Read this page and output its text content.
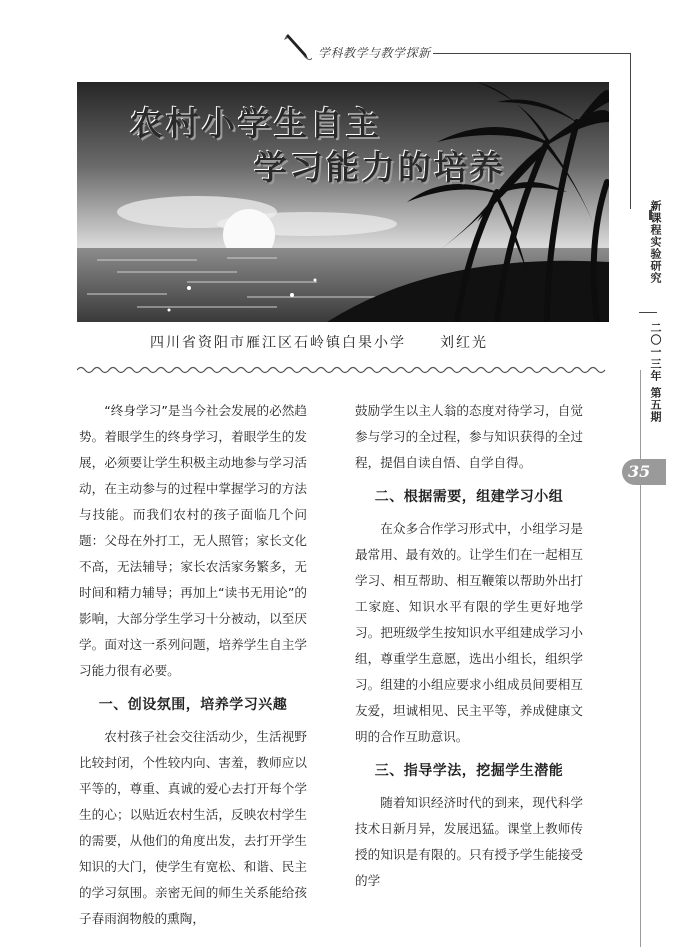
学科教学与教学探新
农村小学生自主
学习能力的培养
四川省资阳市雁江区石岭镇白果小学 刘红光

“终身学习”是当今社会发展的必然趋势。着眼学生的终身学习，着眼学生的发展，必须要让学生积极主动地参与学习活动，在主动参与的过程中掌握学习的方法与技能。而我们农村的孩子面临几个问题：父母在外打工，无人照管；家长文化不高，无法辅导；家长农活家务繁多，无时间和精力辅导；再加上“读书无用论”的影响，大部分学生学习十分被动，以至厌学。面对这一系列问题，培养学生自主学习能力很有必要。

一、创设氛围，培养学习兴趣

农村孩子社会交往活动少，生活视野比较封闭，个性较内向、害羞，教师应以平等的，尊重、真诚的爱心去打开每个学生的心；以贴近农村生活，反映农村学生的需要，从他们的角度出发，去打开学生知识的大门，使学生有宽松、和谐、民主的学习氛围。亲密无间的师生关系能给孩子春雨润物般的熏陶，

鼓励学生以主人翁的态度对待学习，自觉参与学习的全过程，参与知识获得的全过程，提倡自读自悟、自学自得。

二、根据需要，组建学习小组

在众多合作学习形式中，小组学习是最常用、最有效的。让学生们在一起相互学习、相互帮助、相互鞭策以帮助外出打工家庭、知识水平有限的学生更好地学习。把班级学生按知识水平组建成学习小组，尊重学生意愿，选出小组长，组织学习。组建的小组应要求小组成员间要相互友爱，坦诚相见、民主平等，养成健康文明的合作互助意识。

三、指导学法，挖掘学生潜能

随着知识经济时代的到来，现代科学技术日新月异，发展迅猛。课堂上教师传授的知识是有限的。只有授予学生能接受的学

新课程实验研究
二〇一三年 第五期
35
